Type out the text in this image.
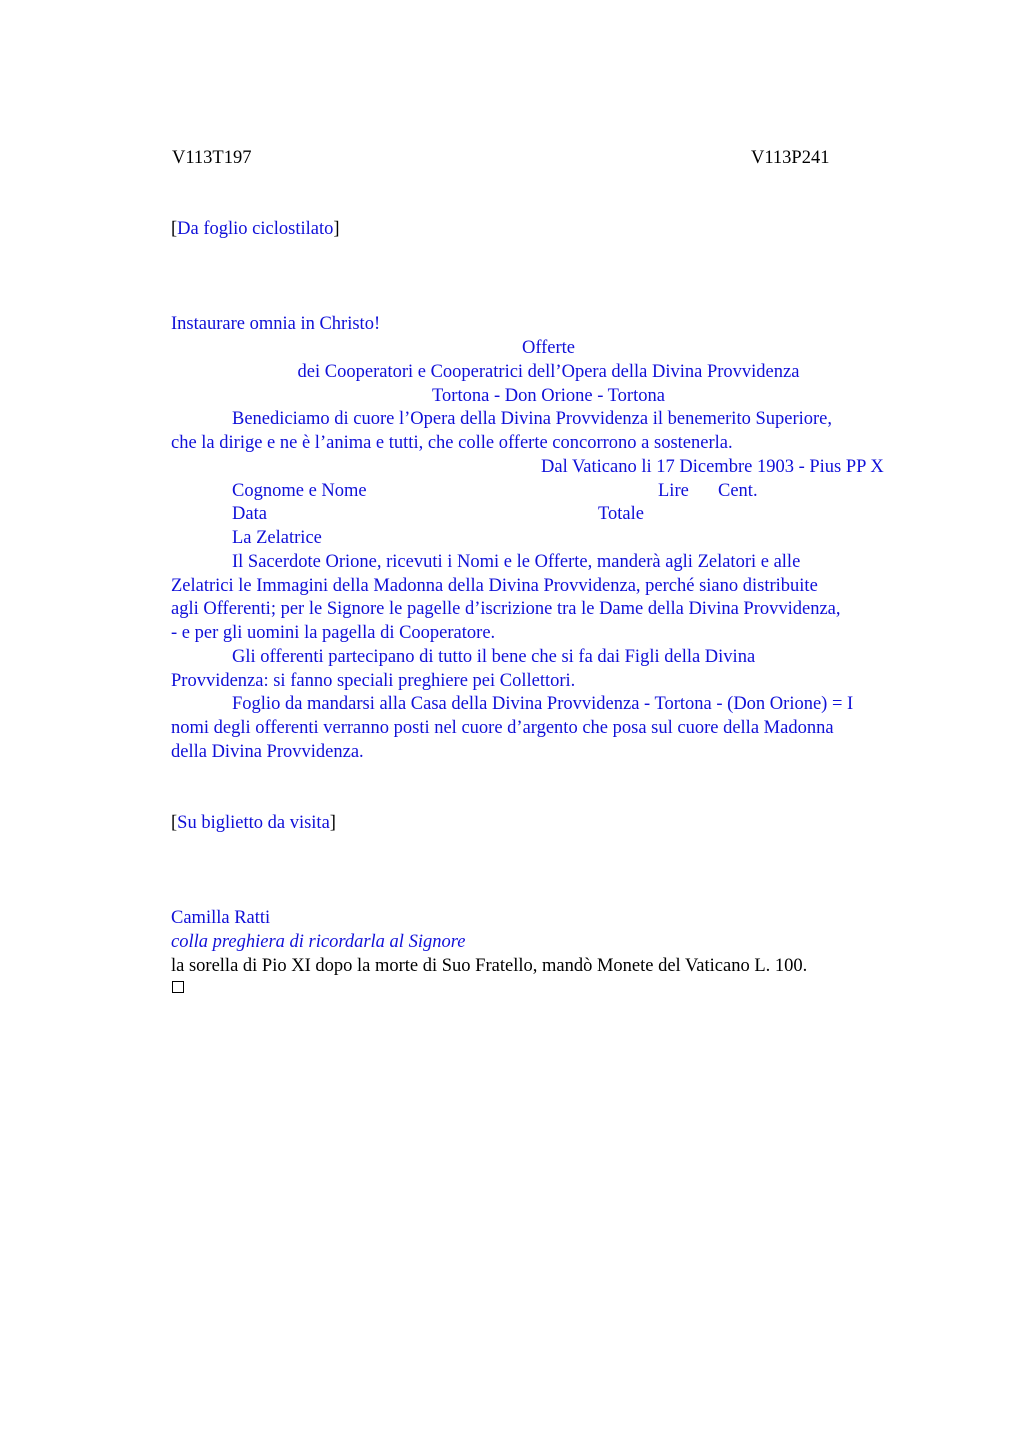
V113T197	V113P241
[Da foglio ciclostilato]
Instaurare omnia in Christo!
Offerte
dei Cooperatori e Cooperatrici dell’Opera della Divina Provvidenza
Tortona - Don Orione - Tortona
Benediciamo di cuore l’Opera della Divina Provvidenza il benemerito Superiore,
che la dirige e ne è l’anima e tutti, che colle offerte concorrono a sostenerla.
Dal Vaticano li 17 Dicembre 1903 - Pius PP X
Cognome e Nome	Lire Cent.
Data	Totale
La Zelatrice
Il Sacerdote Orione, ricevuti i Nomi e le Offerte, manderà agli Zelatori e alle
Zelatrici le Immagini della Madonna della Divina Provvidenza, perché siano distribuite
agli Offerenti; per le Signore le pagelle d’iscrizione tra le Dame della Divina Provvidenza,
- e per gli uomini la pagella di Cooperatore.
Gli offerenti partecipano di tutto il bene che si fa dai Figli della Divina
Provvidenza: si fanno speciali preghiere pei Collettori.
Foglio da mandarsi alla Casa della Divina Provvidenza - Tortona - (Don Orione) = I
nomi degli offerenti verranno posti nel cuore d’argento che posa sul cuore della Madonna
della Divina Provvidenza.
[Su biglietto da visita]
Camilla Ratti
colla preghiera di ricordarla al Signore
la sorella di Pio XI dopo la morte di Suo Fratello, mandò Monete del Vaticano L. 100.
